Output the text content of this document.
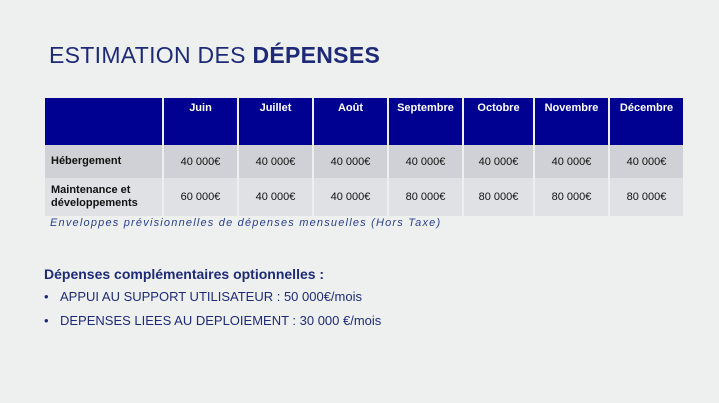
ESTIMATION DES DÉPENSES
	Juin	Juillet	Août	Septembre	Octobre	Novembre	Décembre
Hébergement	40 000€	40 000€	40 000€	40 000€	40 000€	40 000€	40 000€
Maintenance et développements	60 000€	40 000€	40 000€	80 000€	80 000€	80 000€	80 000€

Enveloppes prévisionnelles de dépenses mensuelles (Hors Taxe)

Dépenses complémentaires optionnelles :

• APPUI AU SUPPORT UTILISATEUR : 50 000€/mois
• DEPENSES LIEES AU DEPLOIEMENT : 30 000 €/mois
